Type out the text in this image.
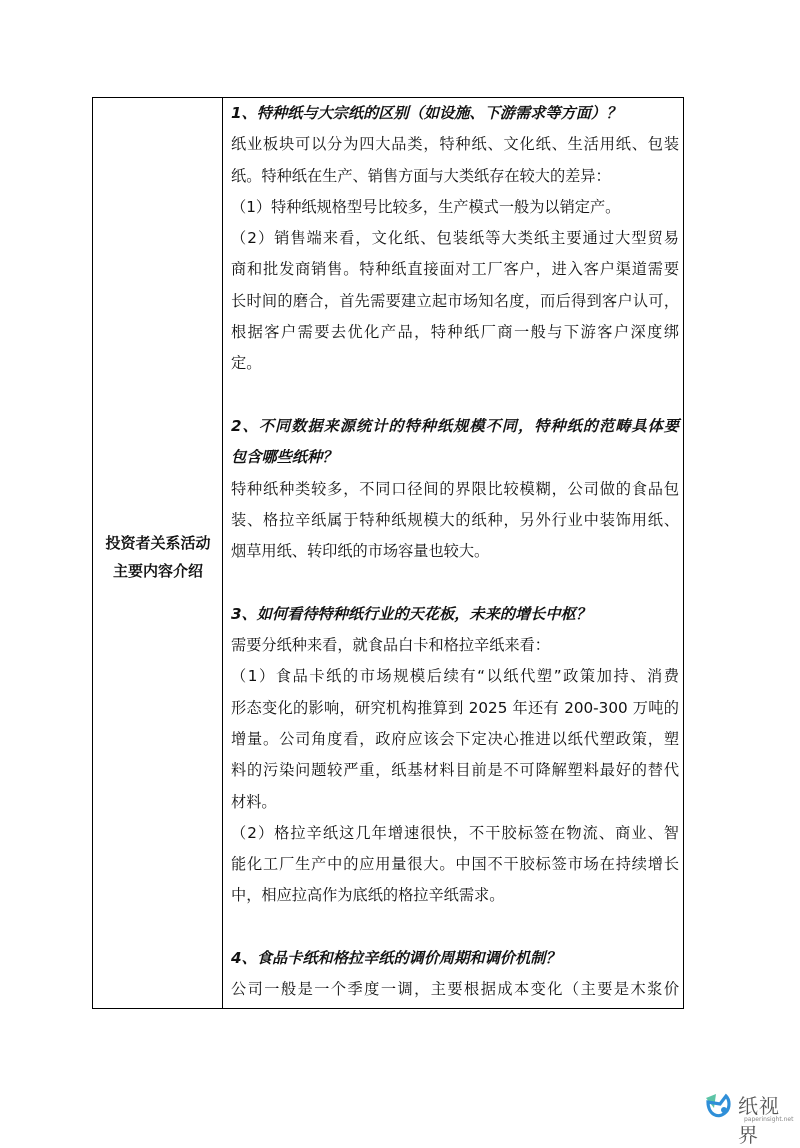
投资者关系活动
主要内容介绍
1、特种纸与大宗纸的区别（如设施、下游需求等方面）？
纸业板块可以分为四大品类，特种纸、文化纸、生活用纸、包装
纸。特种纸在生产、销售方面与大类纸存在较大的差异：
（1）特种纸规格型号比较多，生产模式一般为以销定产。
（2）销售端来看，文化纸、包装纸等大类纸主要通过大型贸易
商和批发商销售。特种纸直接面对工厂客户，进入客户渠道需要
长时间的磨合，首先需要建立起市场知名度，而后得到客户认可，
根据客户需要去优化产品，特种纸厂商一般与下游客户深度绑
定。
2、不同数据来源统计的特种纸规模不同，特种纸的范畴具体要
包含哪些纸种？
特种纸种类较多，不同口径间的界限比较模糊，公司做的食品包
装、格拉辛纸属于特种纸规模大的纸种，另外行业中装饰用纸、
烟草用纸、转印纸的市场容量也较大。
3、如何看待特种纸行业的天花板，未来的增长中枢？
需要分纸种来看，就食品白卡和格拉辛纸来看：
（1）食品卡纸的市场规模后续有“以纸代塑”政策加持、消费
形态变化的影响，研究机构推算到 2025 年还有 200-300 万吨的
增量。公司角度看，政府应该会下定决心推进以纸代塑政策，塑
料的污染问题较严重，纸基材料目前是不可降解塑料最好的替代
材料。
（2）格拉辛纸这几年增速很快，不干胶标签在物流、商业、智
能化工厂生产中的应用量很大。中国不干胶标签市场在持续增长
中，相应拉高作为底纸的格拉辛纸需求。
4、食品卡纸和格拉辛纸的调价周期和调价机制？
公司一般是一个季度一调，主要根据成本变化（主要是木浆价
纸视界
paperinsight.net
